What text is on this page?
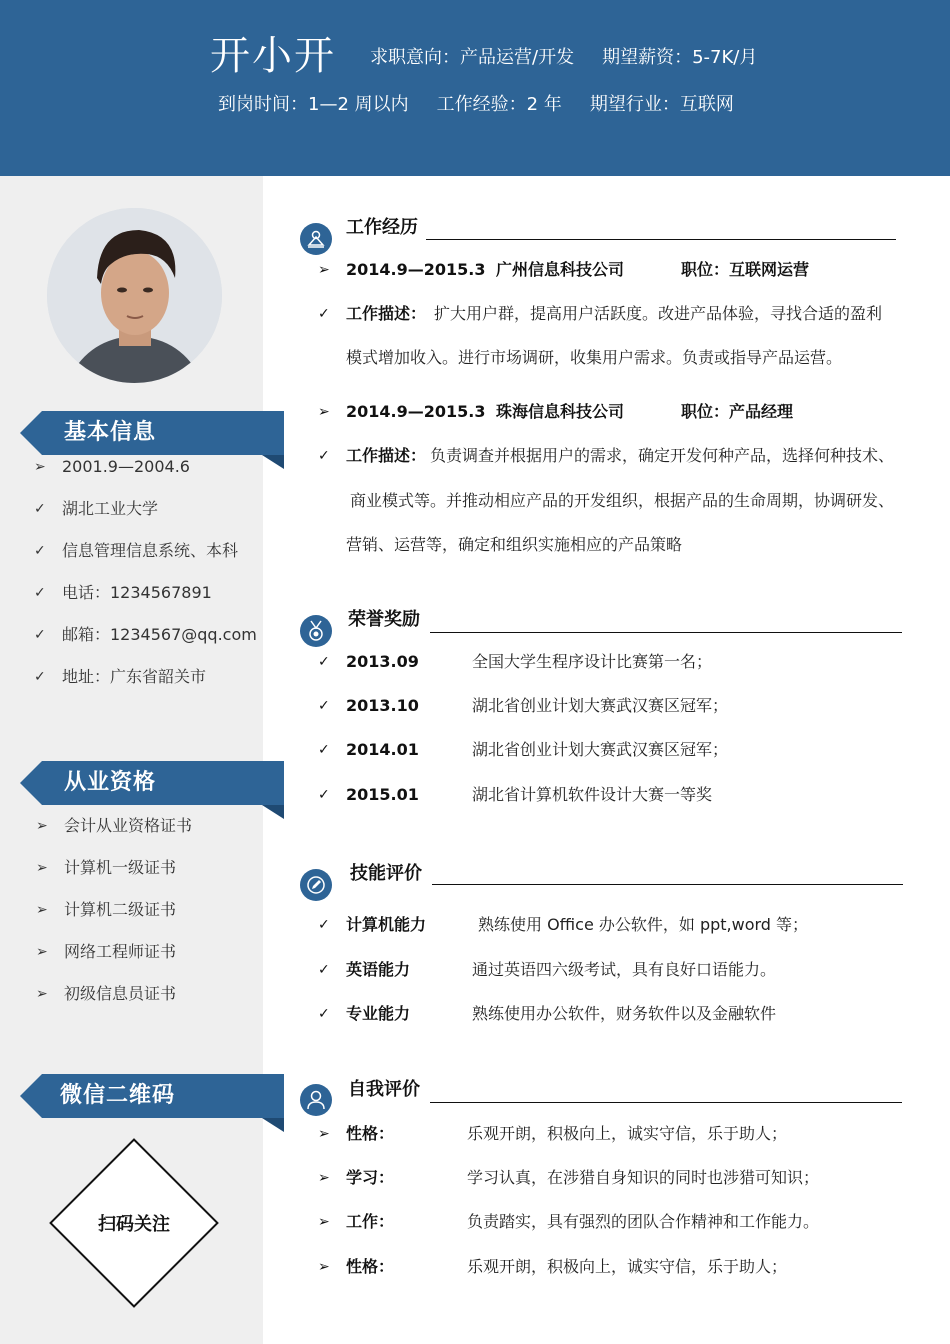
开小开 求职意向：产品运营/开发 期望薪资：5-7K/月
到岗时间：1—2 周以内 工作经验：2 年 期望行业：互联网
基本信息
➢	2001.9—2004.6
✓	湖北工业大学
✓	信息管理信息系统、本科
✓	电话：1234567891
✓	邮箱：1234567@qq.com
✓	地址：广东省韶关市
从业资格
➢	会计从业资格证书
➢	计算机一级证书
➢	计算机二级证书
➢	网络工程师证书
➢	初级信息员证书
微信二维码
扫码关注
工作经历
➢ 2014.9—2015.3 广州信息科技公司	职位：互联网运营
✓ 工作描述： 扩大用户群，提高用户活跃度。改进产品体验，寻找合适的盈利
模式增加收入。进行市场调研，收集用户需求。负责或指导产品运营。
➢ 2014.9—2015.3 珠海信息科技公司	职位：产品经理
✓ 工作描述： 负责调查并根据用户的需求，确定开发何种产品，选择何种技术、
商业模式等。并推动相应产品的开发组织，根据产品的生命周期，协调研发、
营销、运营等，确定和组织实施相应的产品策略
荣誉奖励
✓ 2013.09	全国大学生程序设计比赛第一名；
✓ 2013.10	湖北省创业计划大赛武汉赛区冠军；
✓ 2014.01	湖北省创业计划大赛武汉赛区冠军；
✓ 2015.01	湖北省计算机软件设计大赛一等奖
技能评价
✓ 计算机能力	熟练使用 Office 办公软件，如 ppt,word 等；
✓ 英语能力	通过英语四六级考试，具有良好口语能力。
✓ 专业能力	熟练使用办公软件，财务软件以及金融软件
自我评价
➢ 性格：	乐观开朗，积极向上，诚实守信，乐于助人；
➢ 学习：	学习认真，在涉猎自身知识的同时也涉猎可知识；
➢ 工作：	负责踏实，具有强烈的团队合作精神和工作能力。
➢ 性格：	乐观开朗，积极向上，诚实守信，乐于助人；
